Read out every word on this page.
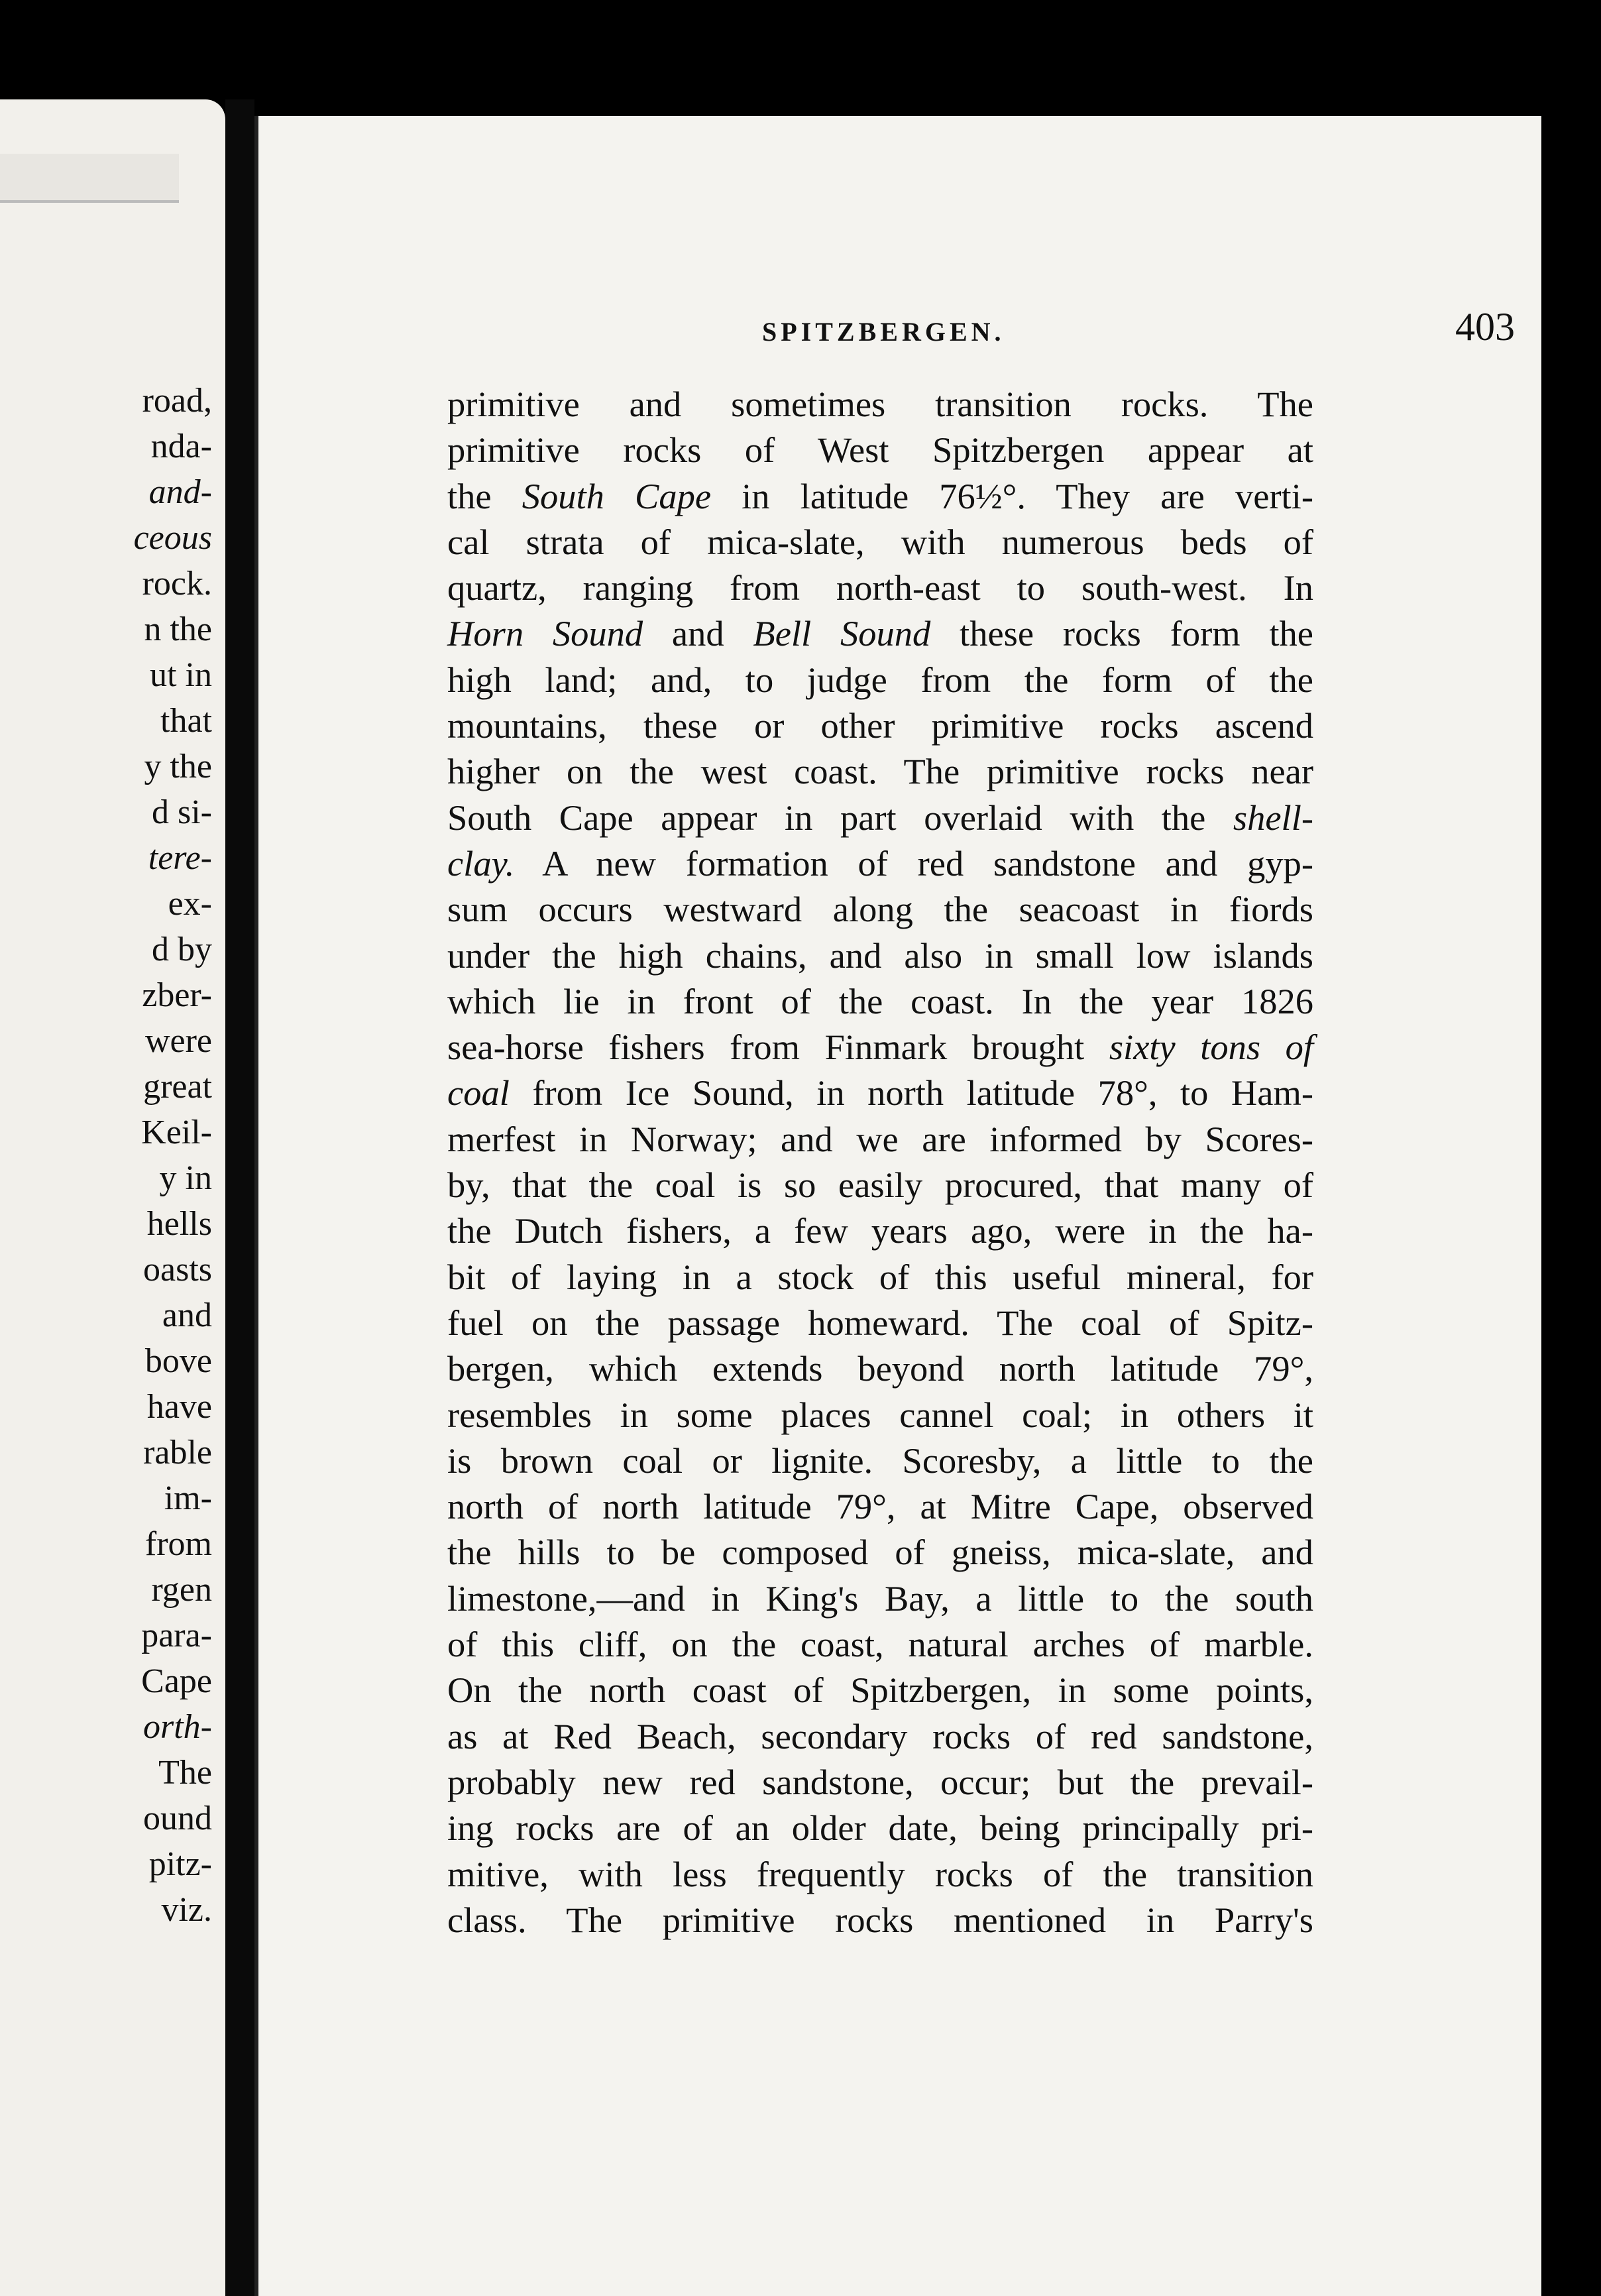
road,
nda-
and-
ceous
rock.
n the
ut in
that
y the
d si-
tere-
ex-
d by
zber-
were
great
Keil-
y in
hells
oasts
and
bove
have
rable
im-
from
rgen
para-
Cape
orth-
The
ound
pitz-
viz.
SPITZBERGEN.	403
primitive and sometimes transition rocks. The
primitive rocks of West Spitzbergen appear at
the South Cape in latitude 76½°. They are verti-
cal strata of mica-slate, with numerous beds of
quartz, ranging from north-east to south-west. In
Horn Sound and Bell Sound these rocks form the
high land; and, to judge from the form of the
mountains, these or other primitive rocks ascend
higher on the west coast. The primitive rocks near
South Cape appear in part overlaid with the shell-
clay. A new formation of red sandstone and gyp-
sum occurs westward along the seacoast in fiords
under the high chains, and also in small low islands
which lie in front of the coast. In the year 1826
sea-horse fishers from Finmark brought sixty tons of
coal from Ice Sound, in north latitude 78°, to Ham-
merfest in Norway; and we are informed by Scores-
by, that the coal is so easily procured, that many of
the Dutch fishers, a few years ago, were in the ha-
bit of laying in a stock of this useful mineral, for
fuel on the passage homeward. The coal of Spitz-
bergen, which extends beyond north latitude 79°,
resembles in some places cannel coal; in others it
is brown coal or lignite. Scoresby, a little to the
north of north latitude 79°, at Mitre Cape, observed
the hills to be composed of gneiss, mica-slate, and
limestone,—and in King's Bay, a little to the south
of this cliff, on the coast, natural arches of marble.
On the north coast of Spitzbergen, in some points,
as at Red Beach, secondary rocks of red sandstone,
probably new red sandstone, occur; but the prevail-
ing rocks are of an older date, being principally pri-
mitive, with less frequently rocks of the transition
class. The primitive rocks mentioned in Parry's
